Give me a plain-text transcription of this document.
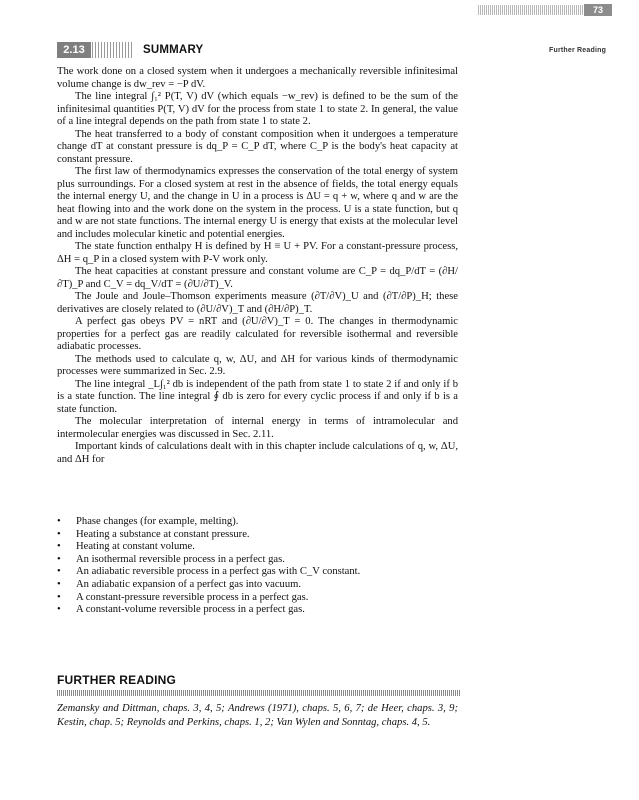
73
Further Reading
2.13	SUMMARY

The work done on a closed system when it undergoes a mechanically reversible infinitesimal volume change is dw_rev = −P dV.

The line integral ∫₁² P(T, V) dV (which equals −w_rev) is defined to be the sum of the infinitesimal quantities P(T, V) dV for the process from state 1 to state 2. In general, the value of a line integral depends on the path from state 1 to state 2.

The heat transferred to a body of constant composition when it undergoes a temperature change dT at constant pressure is dq_P = C_P dT, where C_P is the body's heat capacity at constant pressure.

The first law of thermodynamics expresses the conservation of the total energy of system plus surroundings. For a closed system at rest in the absence of fields, the total energy equals the internal energy U, and the change in U in a process is ΔU = q + w, where q and w are the heat flowing into and the work done on the system in the process. U is a state function, but q and w are not state functions. The internal energy U is energy that exists at the molecular level and includes molecular kinetic and potential energies.

The state function enthalpy H is defined by H ≡ U + PV. For a constant-pressure process, ΔH = q_P in a closed system with P-V work only.

The heat capacities at constant pressure and constant volume are C_P = dq_P/dT = (∂H/∂T)_P and C_V = dq_V/dT = (∂U/∂T)_V.

The Joule and Joule–Thomson experiments measure (∂T/∂V)_U and (∂T/∂P)_H; these derivatives are closely related to (∂U/∂V)_T and (∂H/∂P)_T.

A perfect gas obeys PV = nRT and (∂U/∂V)_T = 0. The changes in thermodynamic properties for a perfect gas are readily calculated for reversible isothermal and reversible adiabatic processes.

The methods used to calculate q, w, ΔU, and ΔH for various kinds of thermodynamic processes were summarized in Sec. 2.9.

The line integral _L∫₁² db is independent of the path from state 1 to state 2 if and only if b is a state function. The line integral ∮ db is zero for every cyclic process if and only if b is a state function.

The molecular interpretation of internal energy in terms of intramolecular and intermolecular energies was discussed in Sec. 2.11.

Important kinds of calculations dealt with in this chapter include calculations of q, w, ΔU, and ΔH for

• Phase changes (for example, melting).
• Heating a substance at constant pressure.
• Heating at constant volume.
• An isothermal reversible process in a perfect gas.
• An adiabatic reversible process in a perfect gas with C_V constant.
• An adiabatic expansion of a perfect gas into vacuum.
• A constant-pressure reversible process in a perfect gas.
• A constant-volume reversible process in a perfect gas.
FURTHER READING
Zemansky and Dittman, chaps. 3, 4, 5; Andrews (1971), chaps. 5, 6, 7; de Heer, chaps. 3, 9; Kestin, chap. 5; Reynolds and Perkins, chaps. 1, 2; Van Wylen and Sonntag, chaps. 4, 5.
